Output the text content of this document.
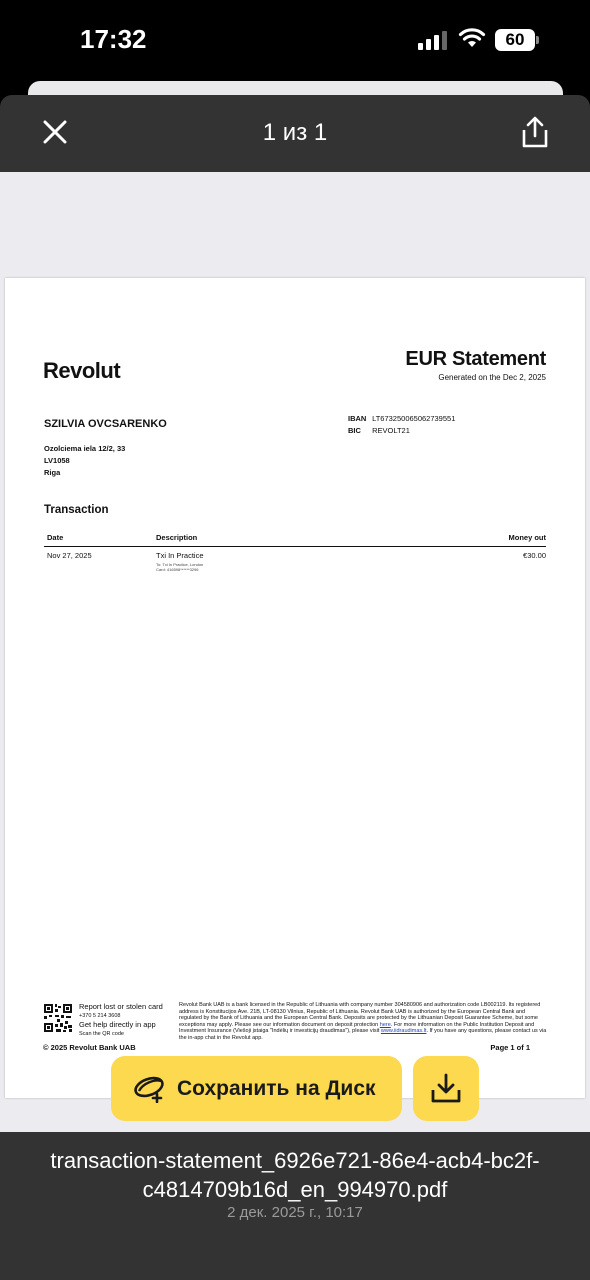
17:32	60
1 из 1
Revolut	EUR Statement
Generated on the Dec 2, 2025
SZILVIA OVCSARENKO
Ozolciema iela 12/2, 33
LV1058
Riga
IBAN LT673250065062739551
BIC REVOLT21
Transaction
Date	Description	Money out
Nov 27, 2025	Txi In Practice	€30.00
To: Txi In Practice, London
Card: 416598******3296
Report lost or stolen card
+370 5 214 3608
Get help directly in app
Scan the QR code
Revolut Bank UAB is a bank licensed in the Republic of Lithuania with company number 304580906 and authorization code LB002119. Its registered address is Konstitucijos Ave. 21B, LT-08130 Vilnius, Republic of Lithuania. Revolut Bank UAB is authorized by the European Central Bank and regulated by the Bank of Lithuania and the European Central Bank. Deposits are protected by the Lithuanian Deposit Guarantee Scheme, but some exceptions may apply. Please see our information document on deposit protection here. For more information on the Public Institution Deposit and Investment Insurance (Viešoji įstaiga "Indėlių ir investicijų draudimas"), please visit www.iidraudimas.lt. If you have any questions, please contact us via the in-app chat in the Revolut app.
© 2025 Revolut Bank UAB	Page 1 of 1
Сохранить на Диск
transaction-statement_6926e721-86e4-acb4-bc2f-c4814709b16d_en_994970.pdf
2 дек. 2025 г., 10:17
